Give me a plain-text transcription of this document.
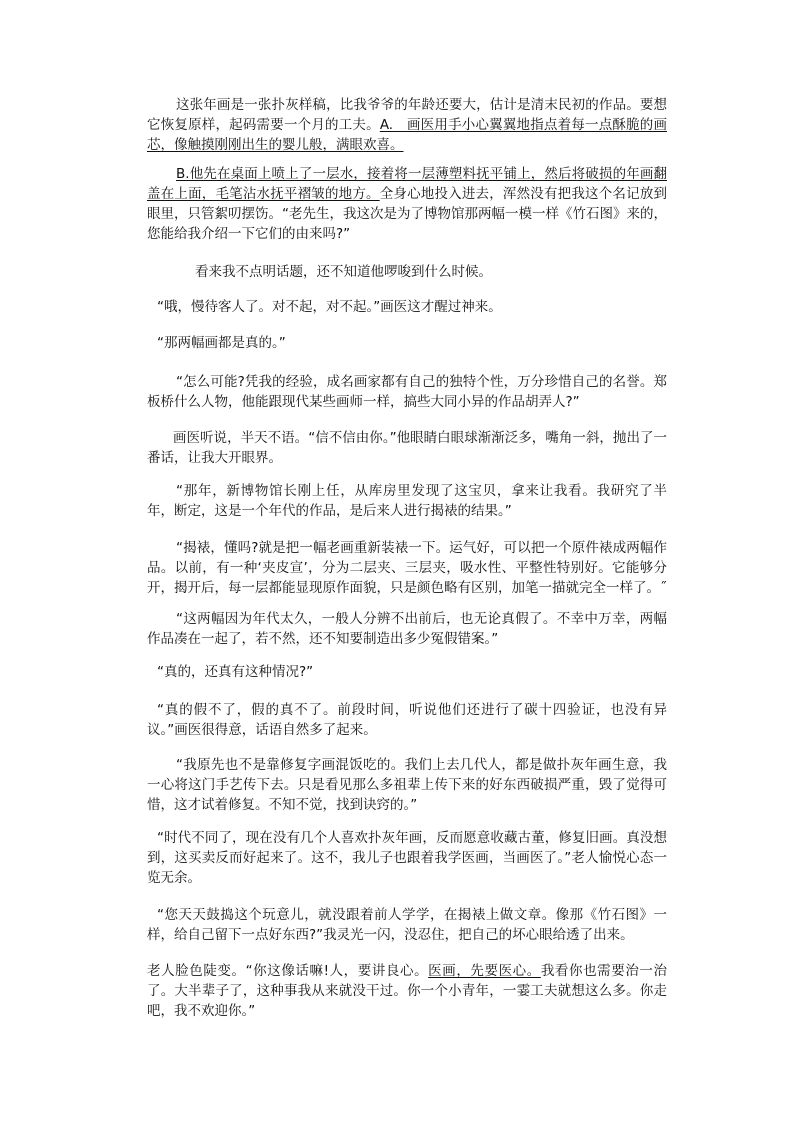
这张年画是一张扑灰样稿，比我爷爷的年龄还要大，估计是清末民初的作品。要想它恢复原样，起码需要一个月的工夫。A.　画医用手小心翼翼地指点着每一点酥脆的画芯，像触摸刚刚出生的婴儿般，满眼欢喜。

B.他先在桌面上喷上了一层水，接着将一层薄塑料抚平铺上，然后将破损的年画翻盖在上面，毛笔沾水抚平褶皱的地方。全身心地投入进去，浑然没有把我这个名记放到眼里，只管絮叨摆饬。“老先生，我这次是为了博物馆那两幅一模一样《竹石图》来的，您能给我介绍一下它们的由来吗?”

看来我不点明话题，还不知道他啰唆到什么时候。

“哦，慢待客人了。对不起，对不起。”画医这才醒过神来。

“那两幅画都是真的。”

“怎么可能?凭我的经验，成名画家都有自己的独特个性，万分珍惜自己的名誉。郑板桥什么人物，他能跟现代某些画师一样，搞些大同小异的作品胡弄人?”

画医听说，半天不语。“信不信由你。”他眼睛白眼球渐渐泛多，嘴角一斜，抛出了一番话，让我大开眼界。

“那年，新博物馆长刚上任，从库房里发现了这宝贝，拿来让我看。我研究了半年，断定，这是一个年代的作品，是后来人进行揭裱的结果。”

“揭裱，懂吗?就是把一幅老画重新装裱一下。运气好，可以把一个原件裱成两幅作品。以前，有一种‘夹皮宣’，分为二层夹、三层夹，吸水性、平整性特别好。它能够分开，揭开后，每一层都能显现原作面貌，只是颜色略有区别，加笔一描就完全一样了。˝

“这两幅因为年代太久，一般人分辨不出前后，也无论真假了。不幸中万幸，两幅作品凑在一起了，若不然，还不知要制造出多少冤假错案。”

“真的，还真有这种情况?”

“真的假不了，假的真不了。前段时间，听说他们还进行了碳十四验证，也没有异议。”画医很得意，话语自然多了起来。

“我原先也不是靠修复字画混饭吃的。我们上去几代人，都是做扑灰年画生意，我一心将这门手艺传下去。只是看见那么多祖辈上传下来的好东西破损严重，毁了觉得可惜，这才试着修复。不知不觉，找到诀窍的。”

“时代不同了，现在没有几个人喜欢扑灰年画，反而愿意收藏古董，修复旧画。真没想到，这买卖反而好起来了。这不，我儿子也跟着我学医画，当画医了。”老人愉悦心态一览无余。

“您天天鼓捣这个玩意儿，就没跟着前人学学，在揭裱上做文章。像那《竹石图》一样，给自己留下一点好东西?”我灵光一闪，没忍住，把自己的坏心眼给透了出来。

老人脸色陡变。“你这像话嘛!人，要讲良心。医画，先要医心。我看你也需要治一治了。大半辈子了，这种事我从来就没干过。你一个小青年，一霎工夫就想这么多。你走吧，我不欢迎你。”
